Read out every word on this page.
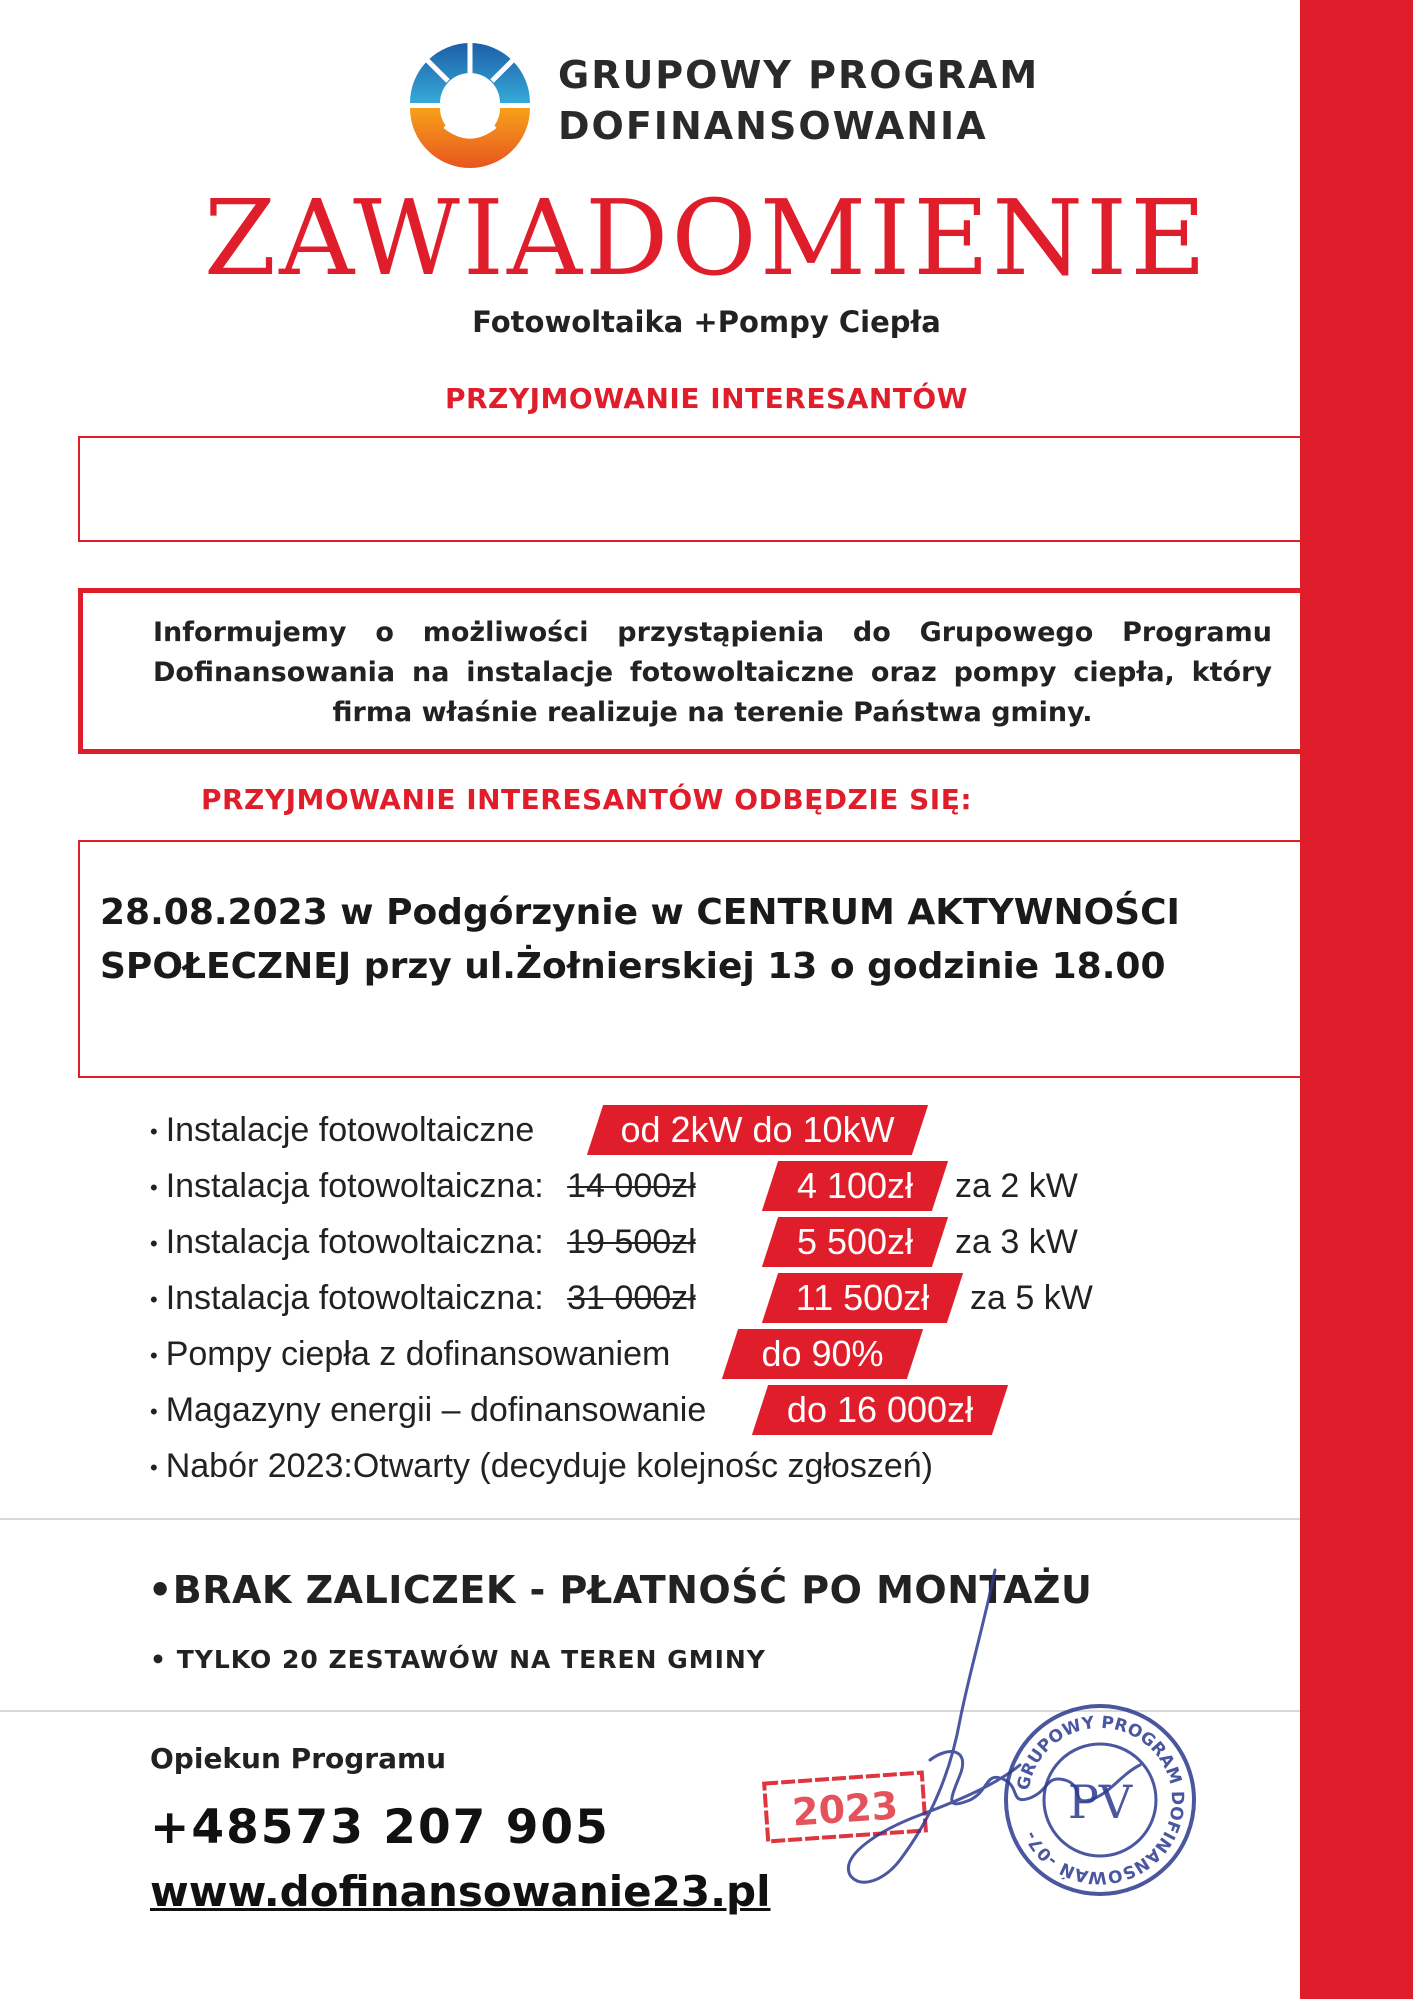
GRUPOWY PROGRAM
DOFINANSOWANIA
ZAWIADOMIENIE
Fotowoltaika +Pompy Ciepła
PRZYJMOWANIE INTERESANTÓW

Informujemy o możliwości przystąpienia do Grupowego Programu Dofinansowania na instalacje fotowoltaiczne oraz pompy ciepła, który firma właśnie realizuje na terenie Państwa gminy.

PRZYJMOWANIE INTERESANTÓW ODBĘDZIE SIĘ:

28.08.2023 w Podgórzynie w CENTRUM AKTYWNOŚCI
SPOŁECZNEJ przy ul.Żołnierskiej 13 o godzinie 18.00

• Instalacje fotowoltaiczne	od 2kW do 10kW
• Instalacja fotowoltaiczna: 14 000zł	4 100zł	za 2 kW
• Instalacja fotowoltaiczna: 19 500zł	5 500zł	za 3 kW
• Instalacja fotowoltaiczna: 31 000zł	11 500zł	za 5 kW
• Pompy ciepła z dofinansowaniem	do 90%
• Magazyny energii – dofinansowanie	do 16 000zł
• Nabór 2023:Otwarty (decyduje kolejnośc zgłoszeń)
•BRAK ZALICZEK - PŁATNOŚĆ PO MONTAŻU
• TYLKO 20 ZESTAWÓW NA TEREN GMINY
Opiekun Programu
+48573 207 905
www.dofinansowanie23.pl
2023
GRUPOWY PROGRAM DOFINANSOWAŃ -07-
PV
